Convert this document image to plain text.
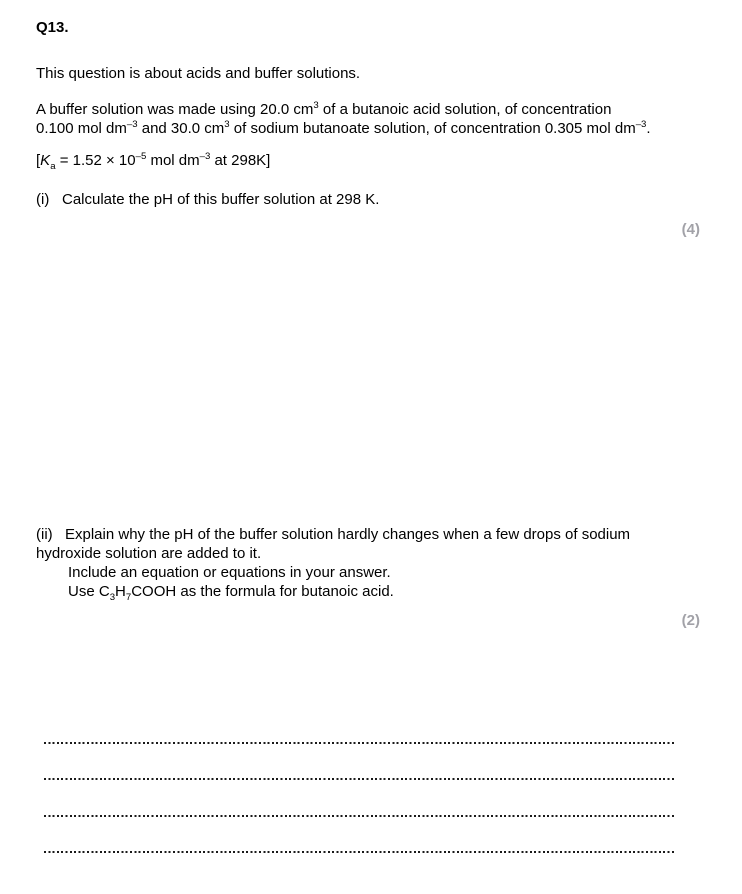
Q13.
This question is about acids and buffer solutions.
A buffer solution was made using 20.0 $cm^3$ of a butanoic acid solution, of concentration
0.100 mol $dm^{-3}$ and 30.0 $cm^3$ of sodium butanoate solution, of concentration 0.305 mol $dm^{-3}$.
[$K_a = 1.52 \times 10^{-5}$ mol $dm^{-3}$ at 298K]
(i) Calculate the pH of this buffer solution at 298 K.
(4)
(ii) Explain why the pH of the buffer solution hardly changes when a few drops of sodium
hydroxide solution are added to it.
Include an equation or equations in your answer.
Use $C_3H_7COOH$ as the formula for butanoic acid.
(2)
